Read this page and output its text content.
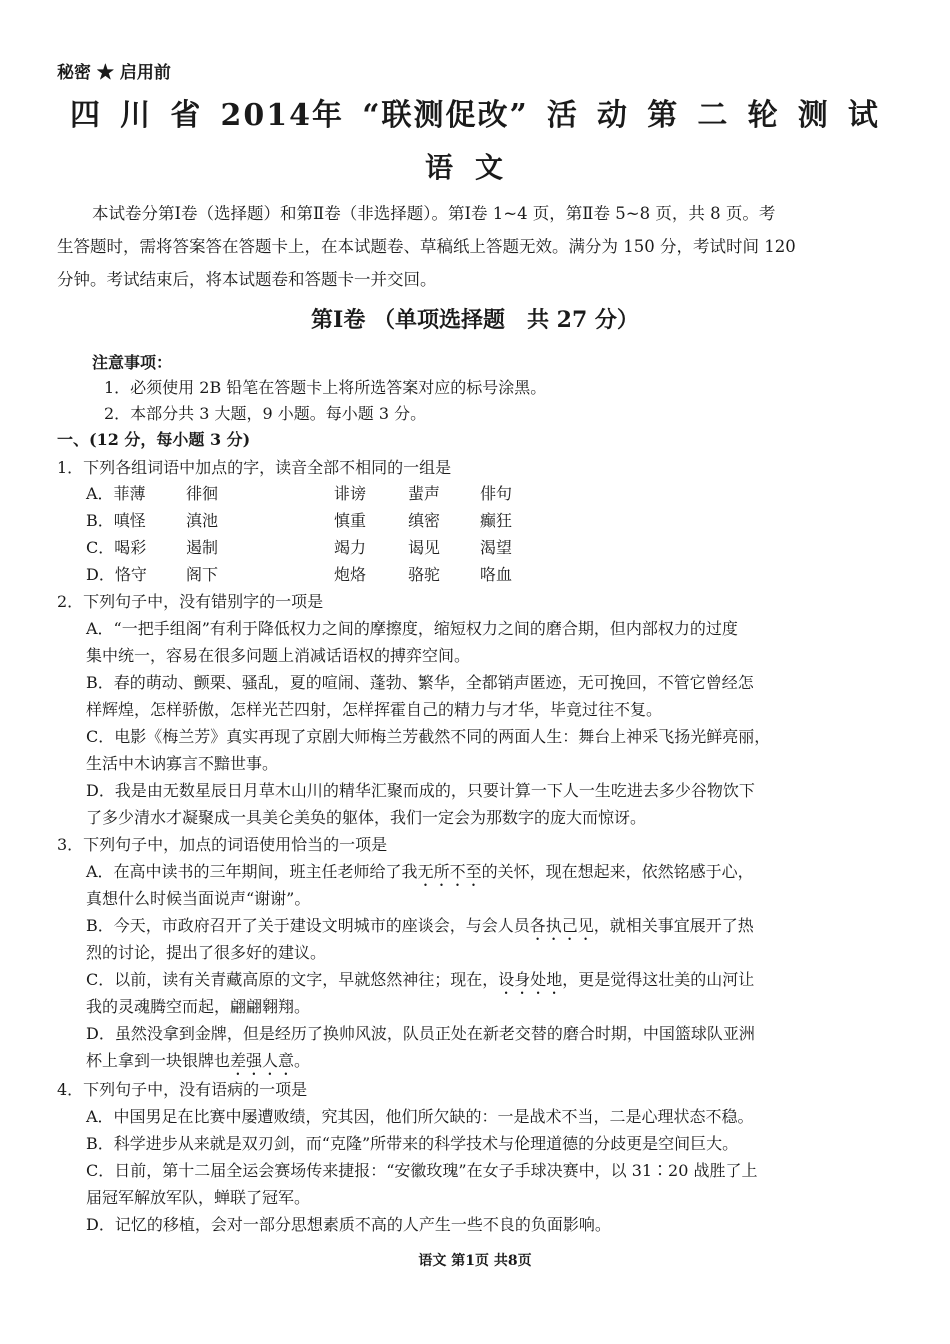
秘密 ★ 启用前
四 川 省 2014年 “联测促改” 活 动 第 二 轮 测 试
语文
本试卷分第Ⅰ卷（选择题）和第Ⅱ卷（非选择题）。第Ⅰ卷 1~4 页，第Ⅱ卷 5~8 页，共 8 页。考
生答题时，需将答案答在答题卡上，在本试题卷、草稿纸上答题无效。满分为 150 分，考试时间 120
分钟。考试结束后，将本试题卷和答题卡一并交回。
第Ⅰ卷 （单项选择题　共 27 分）
注意事项：
1．必须使用 2B 铅笔在答题卡上将所选答案对应的标号涂黑。
2．本部分共 3 大题，9 小题。每小题 3 分。
一、(12 分，每小题 3 分)
1．下列各组词语中加点的字，读音全部不相同的一组是
A．菲薄	徘徊	诽谤	蜚声	俳句
B．嗔怪	滇池	慎重	缜密	癫狂
C．喝彩	遏制	竭力	谒见	渴望
D．恪守	阁下	炮烙	骆驼	咯血
2．下列句子中，没有错别字的一项是
A．“一把手组阁”有利于降低权力之间的摩擦度，缩短权力之间的磨合期，但内部权力的过度
集中统一，容易在很多问题上消减话语权的搏弈空间。
B．春的萌动、颤栗、骚乱，夏的喧闹、蓬勃、繁华，全都销声匿迹，无可挽回，不管它曾经怎
样辉煌，怎样骄傲，怎样光芒四射，怎样挥霍自己的精力与才华，毕竟过往不复。
C．电影《梅兰芳》真实再现了京剧大师梅兰芳截然不同的两面人生：舞台上神采飞扬光鲜亮丽，
生活中木讷寡言不黯世事。
D．我是由无数星辰日月草木山川的精华汇聚而成的，只要计算一下人一生吃进去多少谷物饮下
了多少清水才凝聚成一具美仑美奂的躯体，我们一定会为那数字的庞大而惊讶。
3．下列句子中，加点的词语使用恰当的一项是
A．在高中读书的三年期间，班主任老师给了我无所不至的关怀，现在想起来，依然铭感于心，
真想什么时候当面说声“谢谢”。
B．今天，市政府召开了关于建设文明城市的座谈会，与会人员各执己见，就相关事宜展开了热
烈的讨论，提出了很多好的建议。
C．以前，读有关青藏高原的文字，早就悠然神往；现在，设身处地，更是觉得这壮美的山河让
我的灵魂腾空而起，翩翩翱翔。
D．虽然没拿到金牌，但是经历了换帅风波，队员正处在新老交替的磨合时期，中国篮球队亚洲
杯上拿到一块银牌也差强人意。
4．下列句子中，没有语病的一项是
A．中国男足在比赛中屡遭败绩，究其因，他们所欠缺的：一是战术不当，二是心理状态不稳。
B．科学进步从来就是双刃剑，而“克隆”所带来的科学技术与伦理道德的分歧更是空间巨大。
C．日前，第十二届全运会赛场传来捷报：“安徽玫瑰”在女子手球决赛中，以 31∶20 战胜了上
届冠军解放军队，蝉联了冠军。
D．记忆的移植，会对一部分思想素质不高的人产生一些不良的负面影响。
语文 第1页 共8页
